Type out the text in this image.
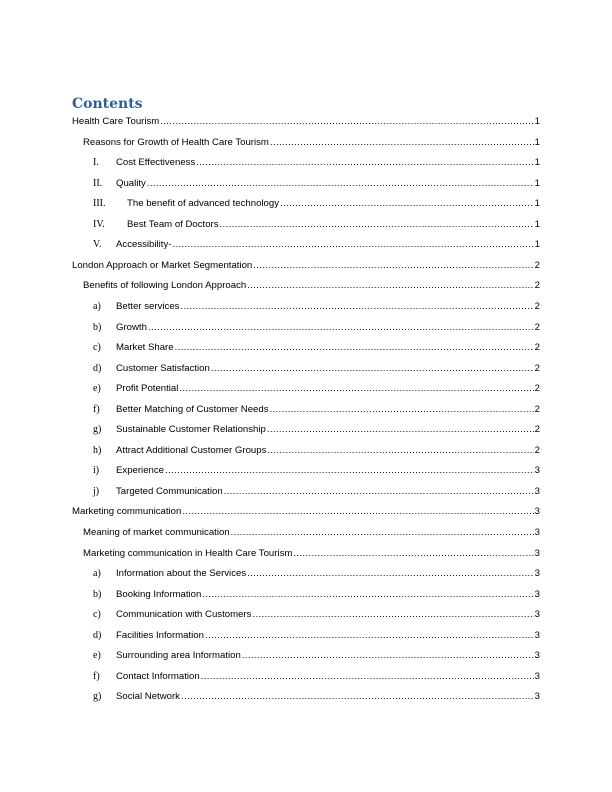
Contents
Health Care Tourism .....	1
Reasons for Growth of Health Care Tourism .....	1
I.	Cost Effectiveness .....	1
II.	Quality .....	1
III.	The benefit of advanced technology .....	1
IV.	Best Team of Doctors .....	1
V.	Accessibility- .....	1
London Approach or Market Segmentation .....	2
Benefits of following London Approach .....	2
a)	Better services .....	2
b)	Growth .....	2
c)	Market Share .....	2
d)	Customer Satisfaction .....	2
e)	Profit Potential .....	2
f)	Better Matching of Customer Needs .....	2
g)	Sustainable Customer Relationship .....	2
h)	Attract Additional Customer Groups .....	2
i)	Experience .....	3
j)	Targeted Communication .....	3
Marketing communication .....	3
Meaning of market communication .....	3
Marketing communication in Health Care Tourism .....	3
a)	Information about the Services .....	3
b)	Booking Information .....	3
c)	Communication with Customers .....	3
d)	Facilities Information .....	3
e)	Surrounding area Information .....	3
f)	Contact Information .....	3
g)	Social Network .....	3
